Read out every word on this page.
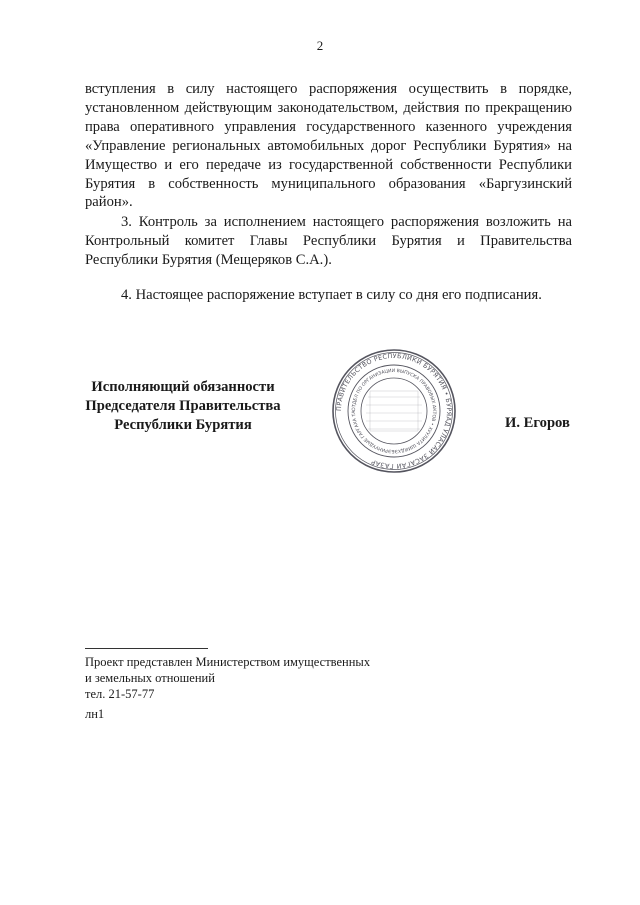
2

вступления в силу настоящего распоряжения осуществить в порядке, установленном действующим законодательством, действия по прекращению права оперативного управления государственного казенного учреждения «Управление региональных автомобильных дорог Республики Бурятия» на Имущество и его передаче из государственной собственности Республики Бурятия в собственность муниципального образования «Баргузинский район».

3. Контроль за исполнением настоящего распоряжения возложить на Контрольный комитет Главы Республики Бурятия и Правительства Республики Бурятия (Мещеряков С.А.).

4. Настоящее распоряжение вступает в силу со дня его подписания.

Исполняющий обязанности
Председателя Правительства
Республики Бурятия
ПРАВИТЕЛЬСТВО РЕСПУБЛИКИ БУРЯТИЯ • БУРЯАД УЛАСАЙ ЗАСАГАЙ ГАЗАР
ОТДЕЛ ПО ОРГАНИЗАЦИИ ВЫПУСКА ПРАВОВЫХ АКТОВ • ХУУЛИТА ШИИДХЭБЭРИНУУДЫЕ ГАРГАХА ТА
И. Егоров
Проект представлен Министерством имущественных
и земельных отношений
тел. 21-57-77
лн1
